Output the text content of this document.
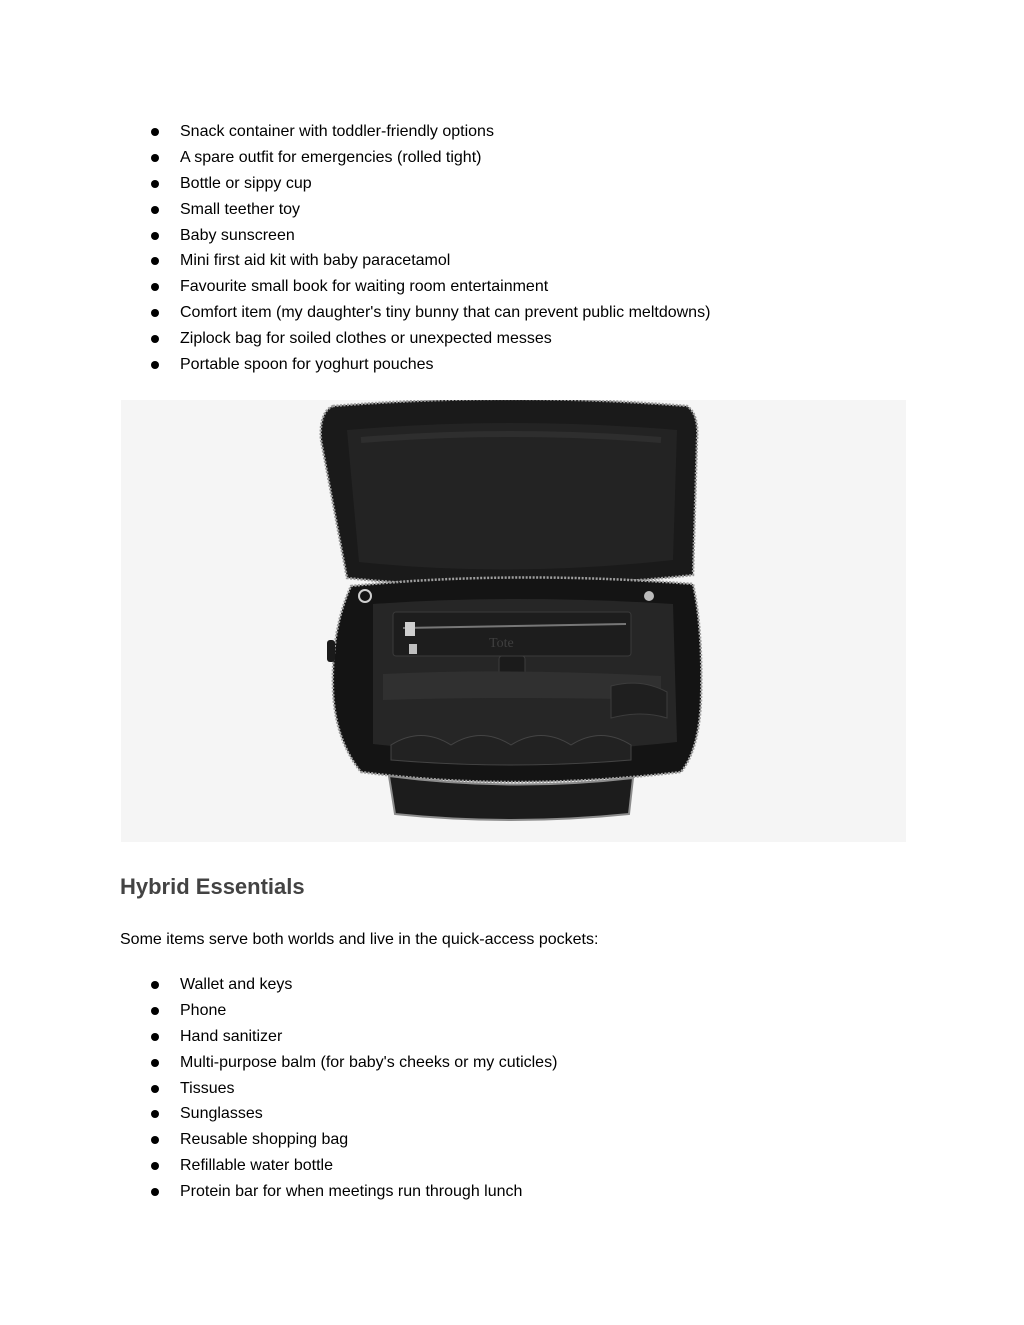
Snack container with toddler-friendly options
A spare outfit for emergencies (rolled tight)
Bottle or sippy cup
Small teether toy
Baby sunscreen
Mini first aid kit with baby paracetamol
Favourite small book for waiting room entertainment
Comfort item (my daughter's tiny bunny that can prevent public meltdowns)
Ziplock bag for soiled clothes or unexpected messes
Portable spoon for yoghurt pouches
Tote
Hybrid Essentials

Some items serve both worlds and live in the quick-access pockets:

Wallet and keys
Phone
Hand sanitizer
Multi-purpose balm (for baby's cheeks or my cuticles)
Tissues
Sunglasses
Reusable shopping bag
Refillable water bottle
Protein bar for when meetings run through lunch
